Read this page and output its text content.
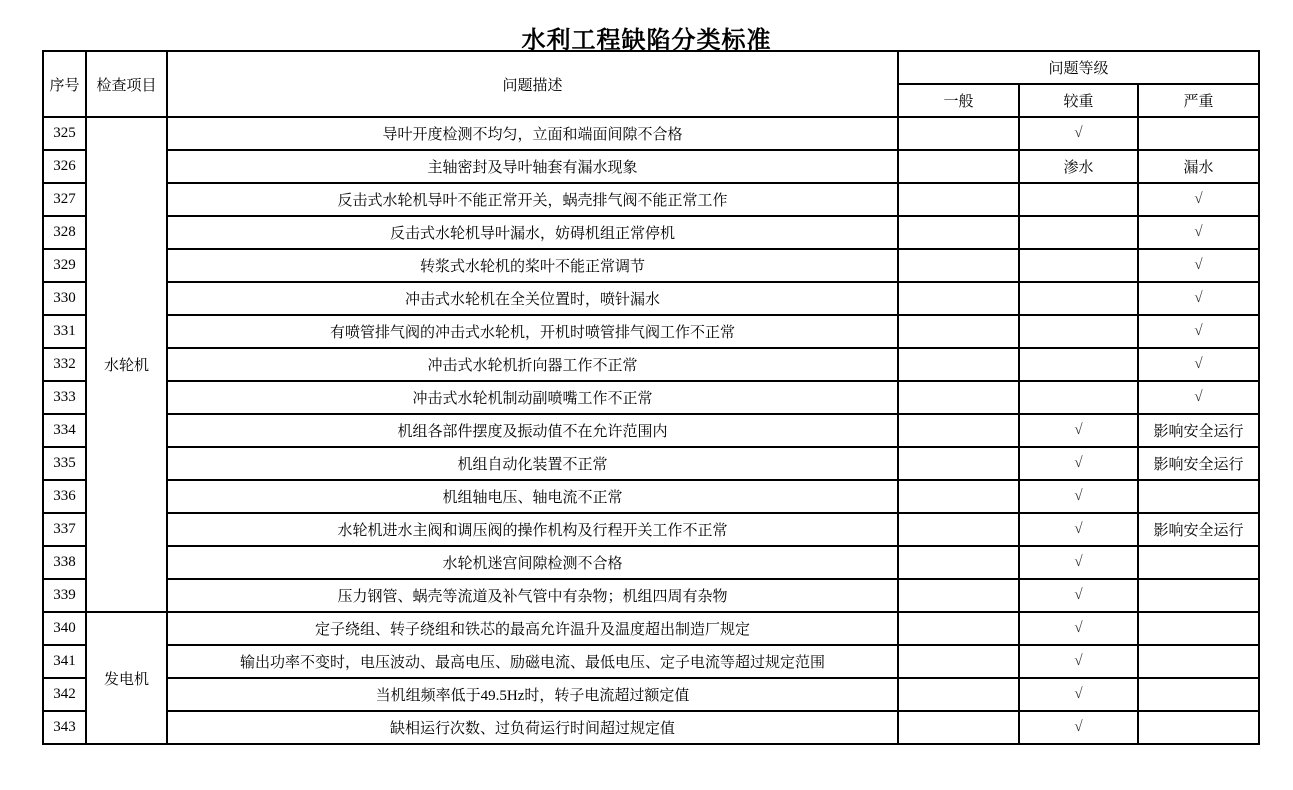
水利工程缺陷分类标准
序号	检查项目	问题描述	问题等级		
			一般	较重	严重
325	水轮机	导叶开度检测不均匀，立面和端面间隙不合格		√	
326		主轴密封及导叶轴套有漏水现象		渗水	漏水
327		反击式水轮机导叶不能正常开关，蜗壳排气阀不能正常工作			√
328		反击式水轮机导叶漏水，妨碍机组正常停机			√
329		转浆式水轮机的桨叶不能正常调节			√
330		冲击式水轮机在全关位置时，喷针漏水			√
331		有喷管排气阀的冲击式水轮机，开机时喷管排气阀工作不正常			√
332		冲击式水轮机折向器工作不正常			√
333		冲击式水轮机制动副喷嘴工作不正常			√
334		机组各部件摆度及振动值不在允许范围内		√	影响安全运行
335		机组自动化装置不正常		√	影响安全运行
336		机组轴电压、轴电流不正常		√	
337		水轮机进水主阀和调压阀的操作机构及行程开关工作不正常		√	影响安全运行
338		水轮机迷宫间隙检测不合格		√	
339		压力钢管、蜗壳等流道及补气管中有杂物；机组四周有杂物		√	
340	发电机	定子绕组、转子绕组和铁芯的最高允许温升及温度超出制造厂规定		√	
341		输出功率不变时，电压波动、最高电压、励磁电流、最低电压、定子电流等超过规定范围		√	
342		当机组频率低于49.5Hz时，转子电流超过额定值		√	
343		缺相运行次数、过负荷运行时间超过规定值		√	
